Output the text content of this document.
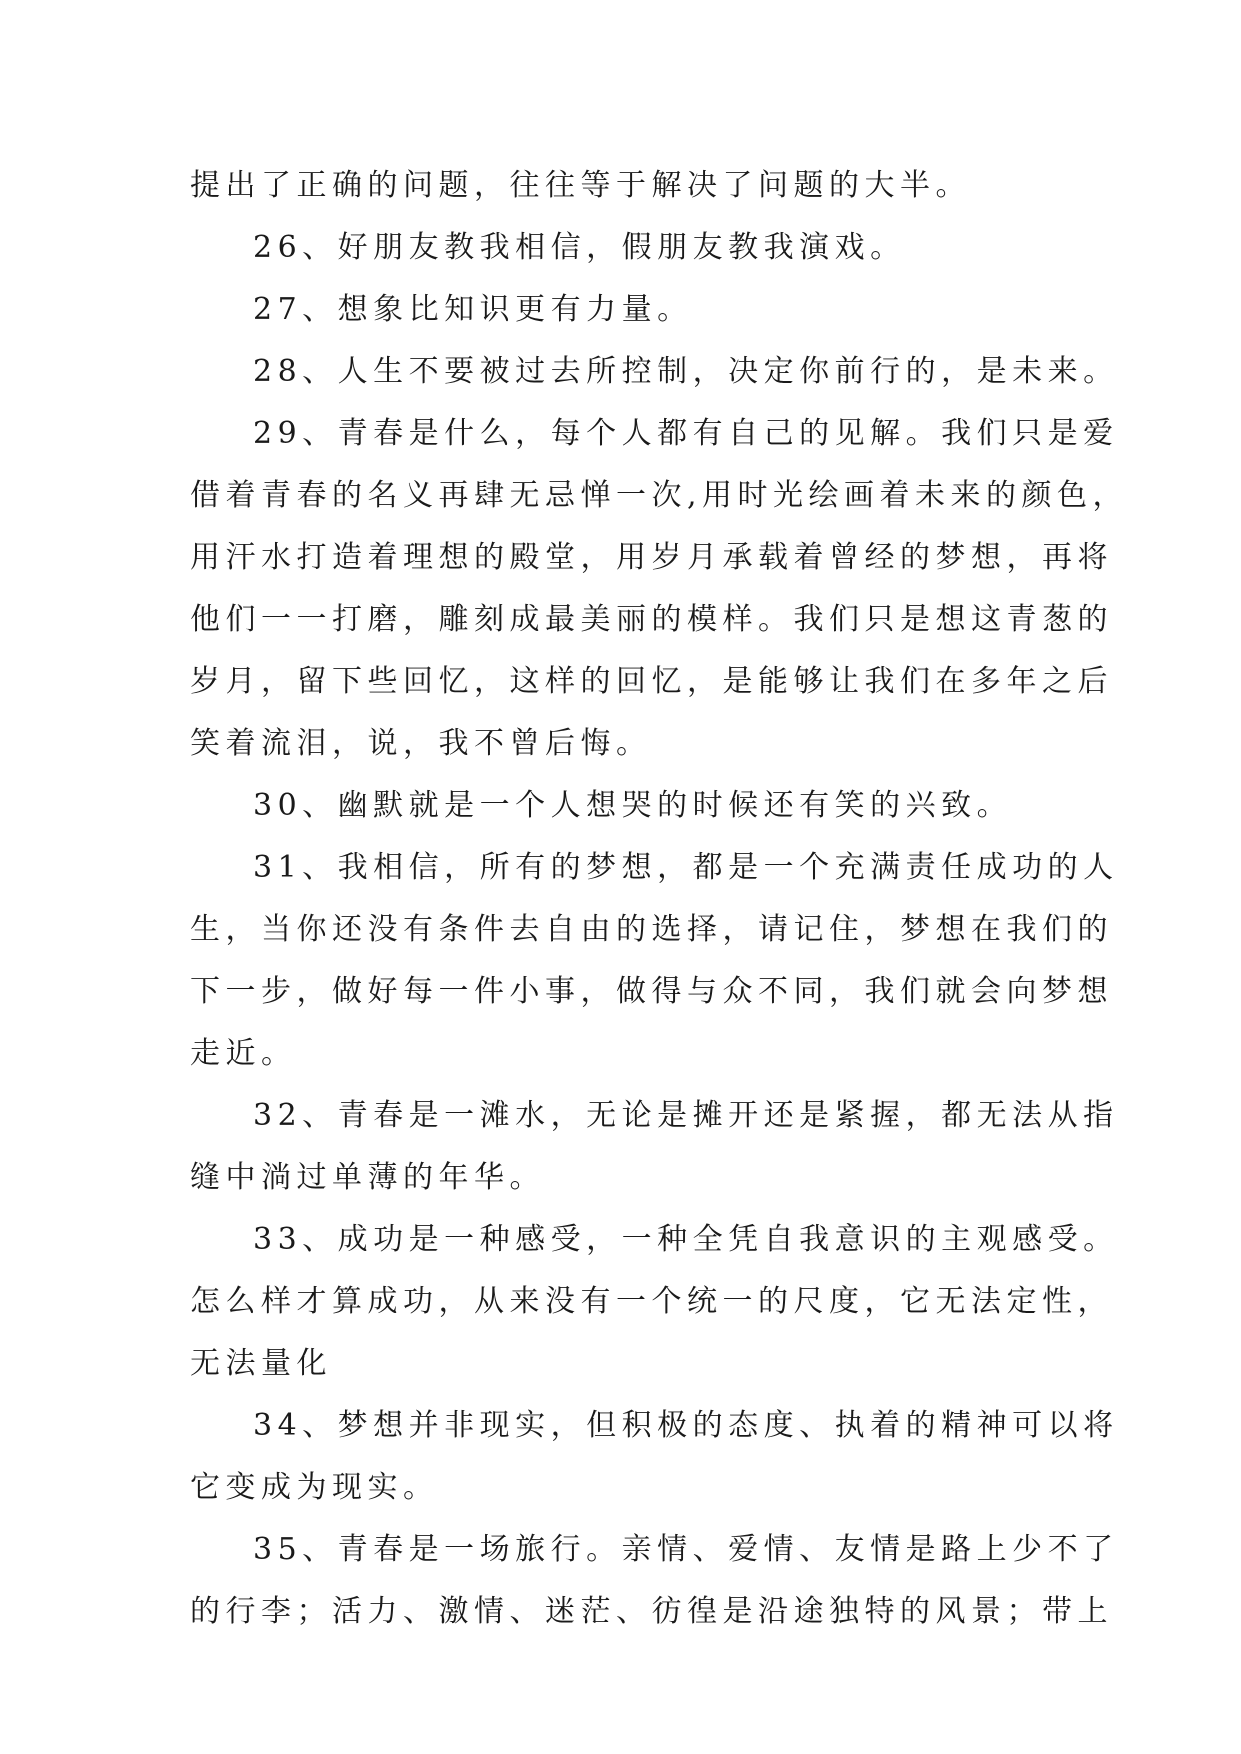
提出了正确的问题，往往等于解决了问题的大半。

26、好朋友教我相信，假朋友教我演戏。

27、想象比知识更有力量。

28、人生不要被过去所控制，决定你前行的，是未来。

29、青春是什么，每个人都有自己的见解。我们只是爱

借着青春的名义再肆无忌惮一次,用时光绘画着未来的颜色，

用汗水打造着理想的殿堂，用岁月承载着曾经的梦想，再将

他们一一打磨，雕刻成最美丽的模样。我们只是想这青葱的

岁月，留下些回忆，这样的回忆，是能够让我们在多年之后

笑着流泪，说，我不曾后悔。

30、幽默就是一个人想哭的时候还有笑的兴致。

31、我相信，所有的梦想，都是一个充满责任成功的人

生，当你还没有条件去自由的选择，请记住，梦想在我们的

下一步，做好每一件小事，做得与众不同，我们就会向梦想

走近。

32、青春是一滩水，无论是摊开还是紧握，都无法从指

缝中淌过单薄的年华。

33、成功是一种感受，一种全凭自我意识的主观感受。

怎么样才算成功，从来没有一个统一的尺度，它无法定性，

无法量化

34、梦想并非现实，但积极的态度、执着的精神可以将

它变成为现实。

35、青春是一场旅行。亲情、爱情、友情是路上少不了

的行李；活力、激情、迷茫、彷徨是沿途独特的风景；带上
